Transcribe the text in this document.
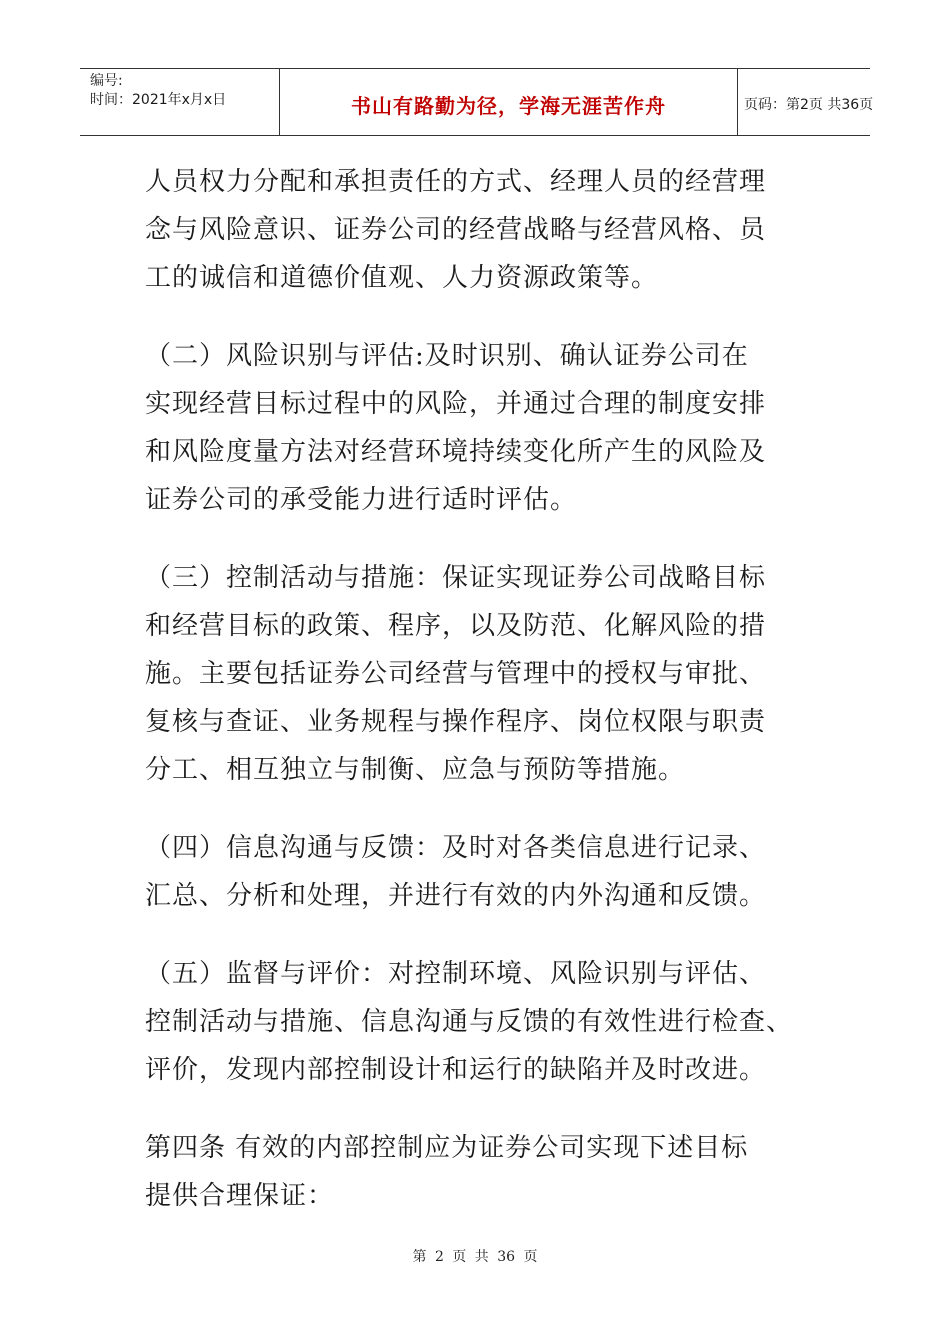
编号:
时间：2021年x月x日	书山有路勤为径，学海无涯苦作舟	页码：第2页 共36页

人员权力分配和承担责任的方式、经理人员的经营理
念与风险意识、证券公司的经营战略与经营风格、员
工的诚信和道德价值观、人力资源政策等。

（二）风险识别与评估:及时识别、确认证券公司在
实现经营目标过程中的风险，并通过合理的制度安排
和风险度量方法对经营环境持续变化所产生的风险及
证券公司的承受能力进行适时评估。

（三）控制活动与措施：保证实现证券公司战略目标
和经营目标的政策、程序，以及防范、化解风险的措
施。主要包括证券公司经营与管理中的授权与审批、
复核与查证、业务规程与操作程序、岗位权限与职责
分工、相互独立与制衡、应急与预防等措施。

（四）信息沟通与反馈：及时对各类信息进行记录、
汇总、分析和处理，并进行有效的内外沟通和反馈。

（五）监督与评价：对控制环境、风险识别与评估、
控制活动与措施、信息沟通与反馈的有效性进行检查、
评价，发现内部控制设计和运行的缺陷并及时改进。

第四条 有效的内部控制应为证券公司实现下述目标
提供合理保证：

第 2 页 共 36 页
